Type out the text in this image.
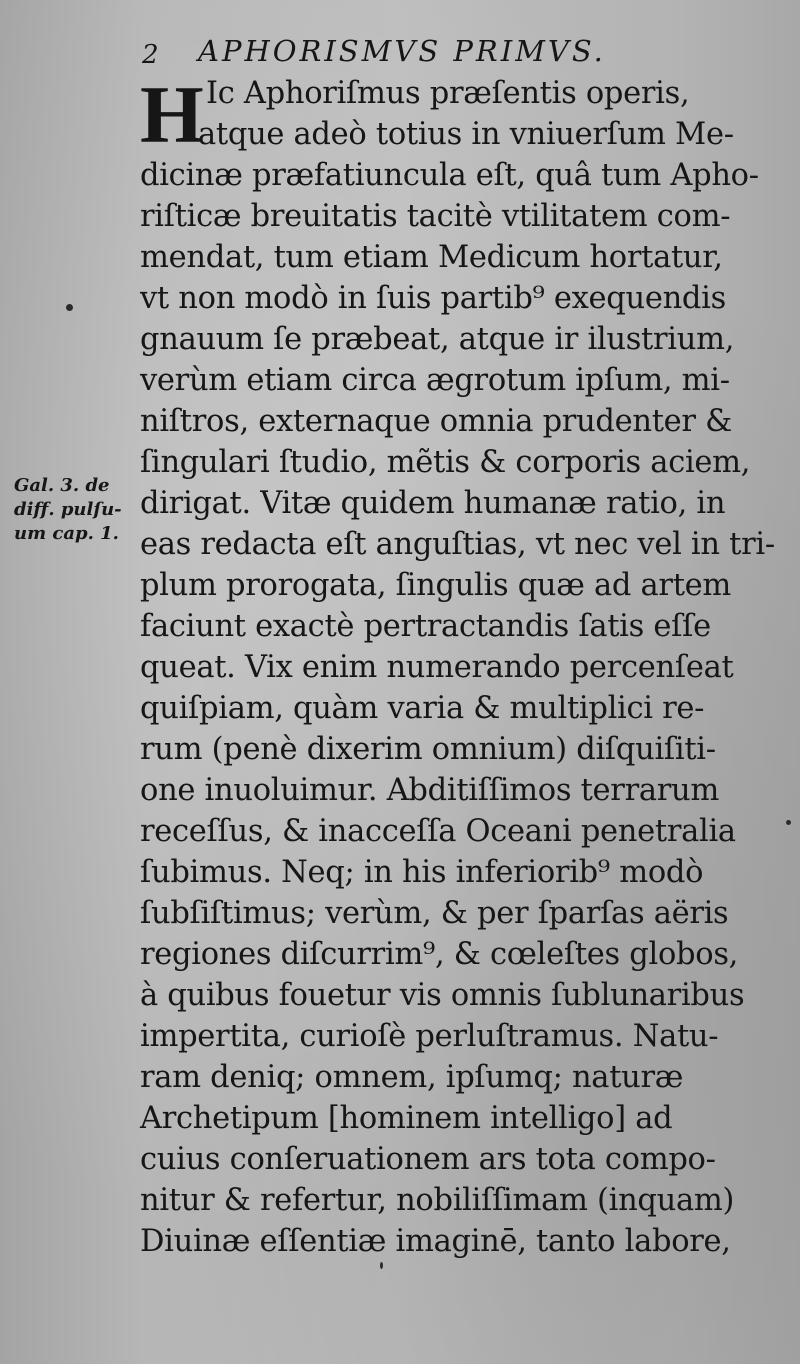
2 APHORISMVS PRIMVS.
H Ic Aphoriſmus præſentis operis,
atque adeò totius in vniuerſum Me-
dicinæ præfatiuncula eſt, quâ tum Apho-
riſticæ breuitatis tacitè vtilitatem com-
mendat, tum etiam Medicum hortatur,
vt non modò in ſuis partib⁹ exequendis
gnauum ſe præbeat, atque ir ilustrium,
verùm etiam circa ægrotum ipſum, mi-
niſtros, externaque omnia prudenter &
ſingulari ſtudio, mẽtis & corporis aciem,
dirigat. Vitæ quidem humanæ ratio, in
eas redacta eſt anguſtias, vt nec vel in tri-
plum prorogata, ſingulis quæ ad artem
faciunt exactè pertractandis ſatis eſſe
queat. Vix enim numerando percenſeat
quiſpiam, quàm varia & multiplici re-
rum (penè dixerim omnium) diſquiſiti-
one inuoluimur. Abditiſſimos terrarum
receſſus, & inacceſſa Oceani penetralia
ſubimus. Neq; in his inferiorib⁹ modò
ſubſiſtimus; verùm, & per ſparſas aëris
regiones diſcurrim⁹, & cœleſtes globos,
à quibus fouetur vis omnis ſublunaribus
impertita, curioſè perluſtramus. Natu-
ram deniq; omnem, ipſumq; naturæ
Archetipum [hominem intelligo] ad
cuius conſeruationem ars tota compo-
nitur & refertur, nobiliſſimam (inquam)
Diuinæ eſſentiæ imaginē, tanto labore,
Gal. 3. de
diff. pulſu-
um cap. 1.
